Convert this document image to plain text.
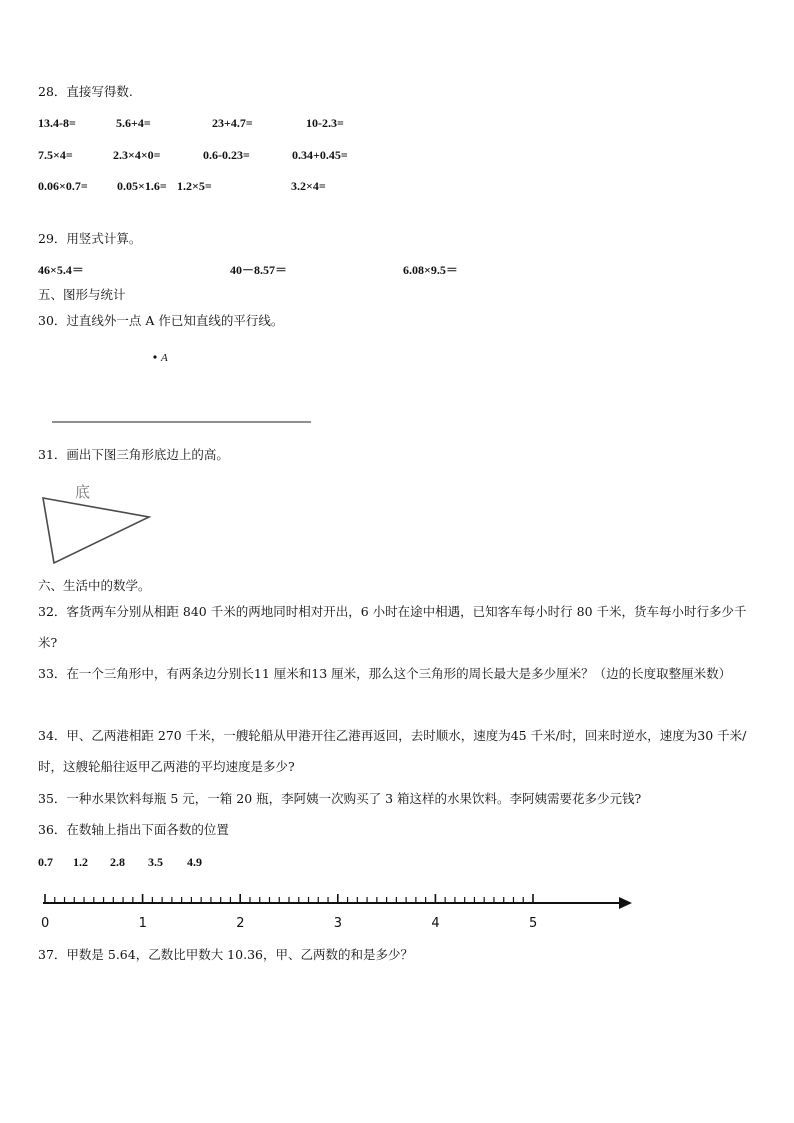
28．直接写得数.
13.4-8=	5.6+4=	23+4.7=	10-2.3=
7.5×4=	2.3×4×0=	0.6-0.23=	0.34+0.45=
0.06×0.7= 0.05×1.6= 1.2×5=	3.2×4=
29．用竖式计算。
46×5.4＝	40－8.57＝	6.08×9.5＝
五、图形与统计
30．过直线外一点 A 作已知直线的平行线。
A
底
0	1	2	3	4	5
31．画出下图三角形底边上的高。
六、生活中的数学。
32．客货两车分别从相距 840 千米的两地同时相对开出，6 小时在途中相遇，已知客车每小时行 80 千米，货车每小时行多少千米?
33．在一个三角形中，有两条边分别长11 厘米和13 厘米，那么这个三角形的周长最大是多少厘米？（边的长度取整厘米数）
34．甲、乙两港相距 270 千米，一艘轮船从甲港开往乙港再返回，去时顺水，速度为45 千米/时，回来时逆水，速度为30 千米/时，这艘轮船往返甲乙两港的平均速度是多少?
35．一种水果饮料每瓶 5 元，一箱 20 瓶，李阿姨一次购买了 3 箱这样的水果饮料。李阿姨需要花多少元钱?
36．在数轴上指出下面各数的位置
0.7 1.2 2.8 3.5 4.9
37．甲数是 5.64，乙数比甲数大 10.36，甲、乙两数的和是多少？
